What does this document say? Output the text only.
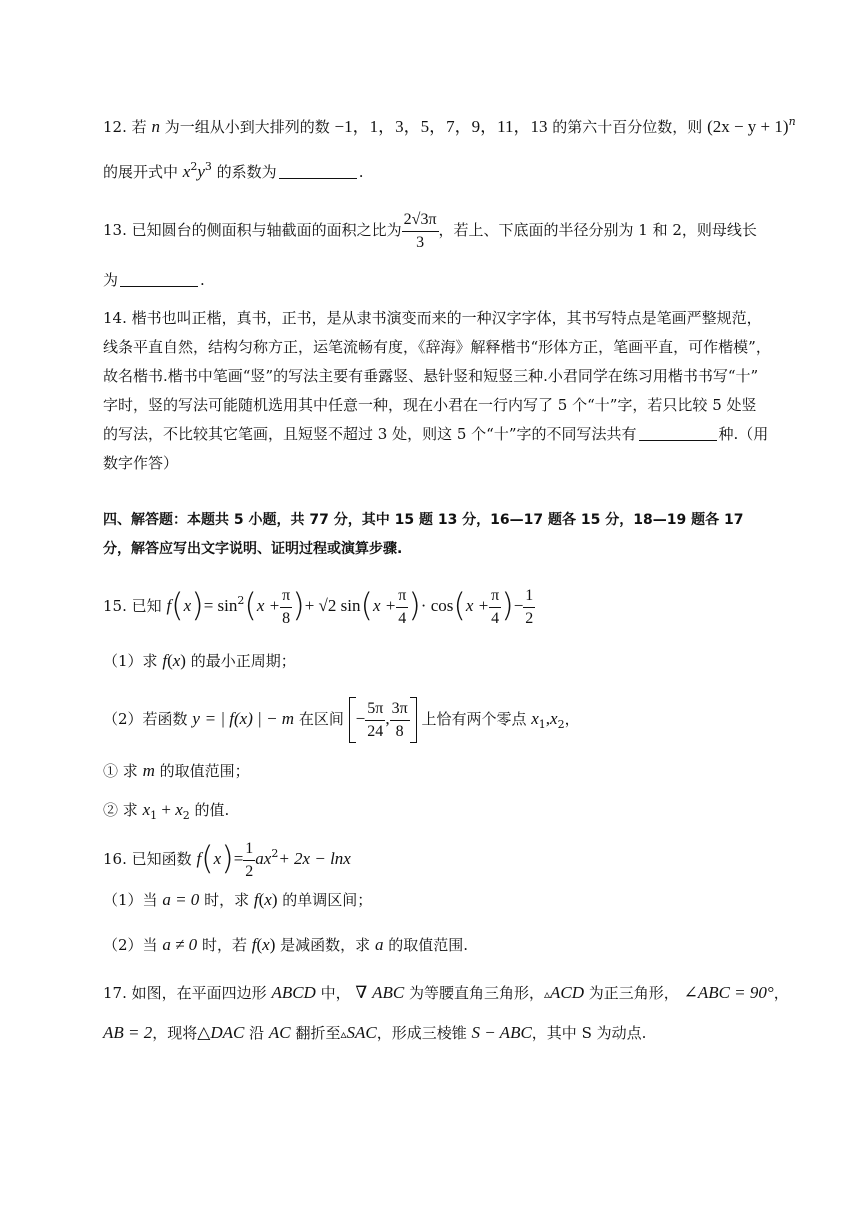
12. 若 n 为一组从小到大排列的数 −1，1，3，5，7，9，11，13 的第六十百分位数，则 $(2x - y + 1)^n$
的展开式中 $x^2y^3$ 的系数为	.
13. 已知圆台的侧面积与轴截面的面积之比为 $\frac{2√3\pi}{3}$ ，若上、下底面的半径分别为 1 和 2，则母线长
为	.
14. 楷书也叫正楷，真书，正书，是从隶书演变而来的一种汉字字体，其书写特点是笔画严整规范，
线条平直自然，结构匀称方正，运笔流畅有度，《辞海》解释楷书“形体方正，笔画平直，可作楷模”，
故名楷书.楷书中笔画“竖”的写法主要有垂露竖、悬针竖和短竖三种.小君同学在练习用楷书书写“十”
字时，竖的写法可能随机选用其中任意一种，现在小君在一行内写了 5 个“十”字，若只比较 5 处竖
的写法，不比较其它笔画，且短竖不超过 3 处，则这 5 个“十”字的不同写法共有	种.（用
数字作答）
四、解答题：本题共 5 小题，共 77 分，其中 15 题 13 分，16—17 题各 15 分，18—19 题各 17
分，解答应写出文字说明、证明过程或演算步骤.
15. 已知 $f(x)= \sin^2(x + \frac{\pi}{8}$ )+ √2 $\sin(x + \frac{\pi}{4}$ )· $\cos(x + \frac{\pi}{4}$ )− $\frac{1}{2}$
（1）求 f(x) 的最小正周期；
（2）若函数 y = | f(x) | − m 在区间 − $\frac{5\pi}{24}$ , $\frac{3\pi}{8}$ 上恰有两个零点 $x_1,x_2$，
① 求 m 的取值范围；
② 求 $x_1 + x_2$ 的值.
16. 已知函数 $f(x)= \frac{1}{2} ax^2+ 2x - \ln x$
（1）当 a = 0 时，求 f(x) 的单调区间；
（2）当 a ≠ 0 时，若 f(x) 是减函数，求 a 的取值范围.
17. 如图，在平面四边形 ABCD 中， ∇ ABC 为等腰直角三角形，▵ACD 为正三角形， ∠ABC = 90°，
AB = 2，现将△DAC 沿 AC 翻折至▵SAC，形成三棱锥 S − ABC，其中 S 为动点.
